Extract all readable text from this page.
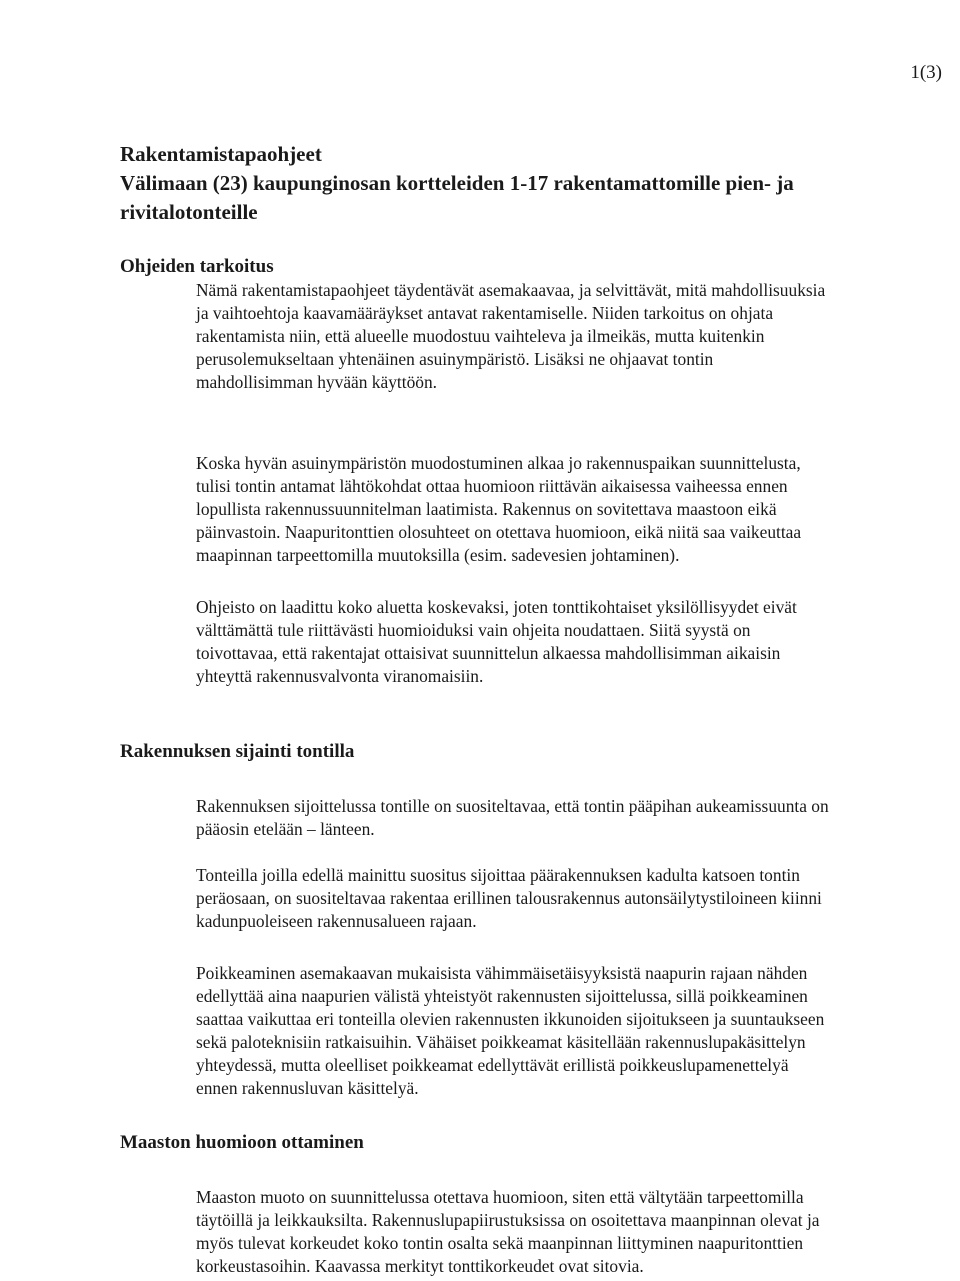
1(3)
Rakentamistapaohjeet
Välimaan (23) kaupunginosan kortteleiden 1-17 rakentamattomille pien- ja
rivitalotonteille
Ohjeiden tarkoitus

Nämä rakentamistapaohjeet täydentävät asemakaavaa, ja selvittävät, mitä mahdollisuuksia
ja vaihtoehtoja kaavamääräykset antavat rakentamiselle. Niiden tarkoitus on ohjata
rakentamista niin, että alueelle muodostuu vaihteleva ja ilmeikäs, mutta kuitenkin
perusolemukseltaan yhtenäinen asuinympäristö. Lisäksi ne ohjaavat tontin
mahdollisimman hyvään käyttöön.

Koska hyvän asuinympäristön muodostuminen alkaa jo rakennuspaikan suunnittelusta,
tulisi tontin antamat lähtökohdat ottaa huomioon riittävän aikaisessa vaiheessa ennen
lopullista rakennussuunnitelman laatimista. Rakennus on sovitettava maastoon eikä
päinvastoin. Naapuritonttien olosuhteet on otettava huomioon, eikä niitä saa vaikeuttaa
maapinnan tarpeettomilla muutoksilla (esim. sadevesien johtaminen).

Ohjeisto on laadittu koko aluetta koskevaksi, joten tonttikohtaiset yksilöllisyydet eivät
välttämättä tule riittävästi huomioiduksi vain ohjeita noudattaen. Siitä syystä on
toivottavaa, että rakentajat ottaisivat suunnittelun alkaessa mahdollisimman aikaisin
yhteyttä rakennusvalvonta viranomaisiin.

Rakennuksen sijainti tontilla

Rakennuksen sijoittelussa tontille on suositeltavaa, että tontin pääpihan aukeamissuunta on
pääosin etelään – länteen.

Tonteilla joilla edellä mainittu suositus sijoittaa päärakennuksen kadulta katsoen tontin
peräosaan, on suositeltavaa rakentaa erillinen talousrakennus autonsäilytystiloineen kiinni
kadunpuoleiseen rakennusalueen rajaan.

Poikkeaminen asemakaavan mukaisista vähimmäisetäisyyksistä naapurin rajaan nähden
edellyttää aina naapurien välistä yhteistyöt rakennusten sijoittelussa, sillä poikkeaminen
saattaa vaikuttaa eri tonteilla olevien rakennusten ikkunoiden sijoitukseen ja suuntaukseen
sekä paloteknisiin ratkaisuihin. Vähäiset poikkeamat käsitellään rakennuslupakäsittelyn
yhteydessä, mutta oleelliset poikkeamat edellyttävät erillistä poikkeuslupamenettelyä
ennen rakennusluvan käsittelyä.

Maaston huomioon ottaminen

Maaston muoto on suunnittelussa otettava huomioon, siten että vältytään tarpeettomilla
täytöillä ja leikkauksilta. Rakennuslupapiirustuksissa on osoitettava maanpinnan olevat ja
myös tulevat korkeudet koko tontin osalta sekä maanpinnan liittyminen naapuritonttien
korkeustasoihin. Kaavassa merkityt tonttikorkeudet ovat sitovia.
